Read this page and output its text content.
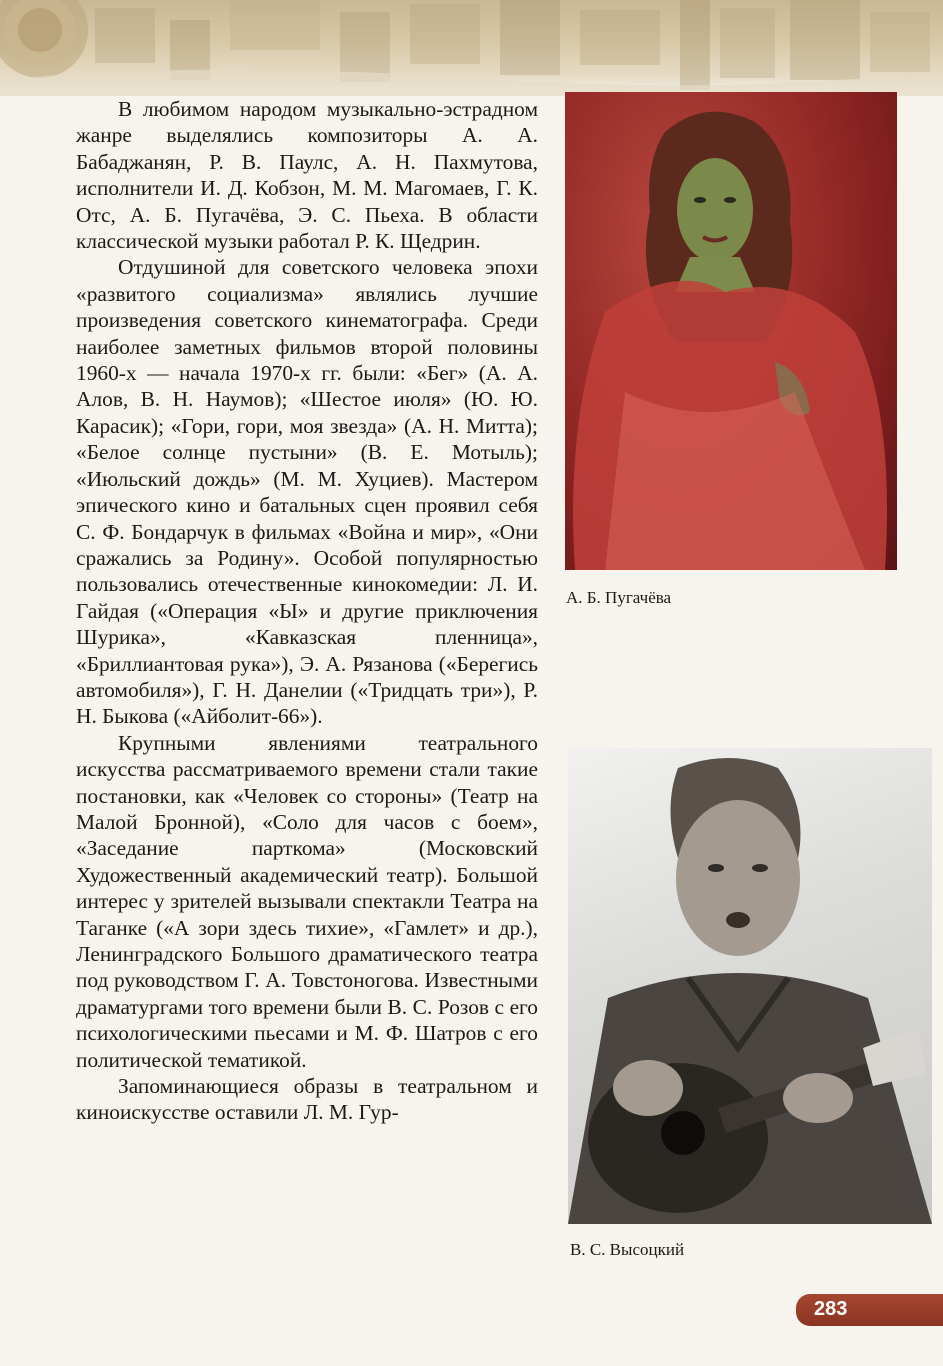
В любимом народом музыкально-эстрадном жанре выделялись композиторы А. А. Бабаджанян, Р. В. Паулс, А. Н. Пахмутова, исполнители И. Д. Кобзон, М. М. Магомаев, Г. К. Отс, А. Б. Пугачёва, Э. С. Пьеха. В области классической музыки работал Р. К. Щедрин.

Отдушиной для советского человека эпохи «развитого социализма» являлись лучшие произведения советского кинематографа. Среди наиболее заметных фильмов второй половины 1960-х — начала 1970-х гг. были: «Бег» (А. А. Алов, В. Н. Наумов); «Шестое июля» (Ю. Ю. Карасик); «Гори, гори, моя звезда» (А. Н. Митта); «Белое солнце пустыни» (В. Е. Мотыль); «Июльский дождь» (М. М. Хуциев). Мастером эпического кино и батальных сцен проявил себя С. Ф. Бондарчук в фильмах «Война и мир», «Они сражались за Родину». Особой популярностью пользовались отечественные кинокомедии: Л. И. Гайдая («Операция «Ы» и другие приключения Шурика», «Кавказская пленница», «Бриллиантовая рука»), Э. А. Рязанова («Берегись автомобиля»), Г. Н. Данелии («Тридцать три»), Р. Н. Быкова («Айболит-66»).

Крупными явлениями театрального искусства рассматриваемого времени стали такие постановки, как «Человек со стороны» (Театр на Малой Бронной), «Соло для часов с боем», «Заседание парткома» (Московский Художественный академический театр). Большой интерес у зрителей вызывали спектакли Театра на Таганке («А зори здесь тихие», «Гамлет» и др.), Ленинградского Большого драматического театра под руководством Г. А. Товстоногова. Известными драматургами того времени были В. С. Розов с его психологическими пьесами и М. Ф. Шатров с его политической тематикой.

Запоминающиеся образы в театральном и киноискусстве оставили Л. М. Гур-

А. Б. Пугачёва
В. С. Высоцкий
283
